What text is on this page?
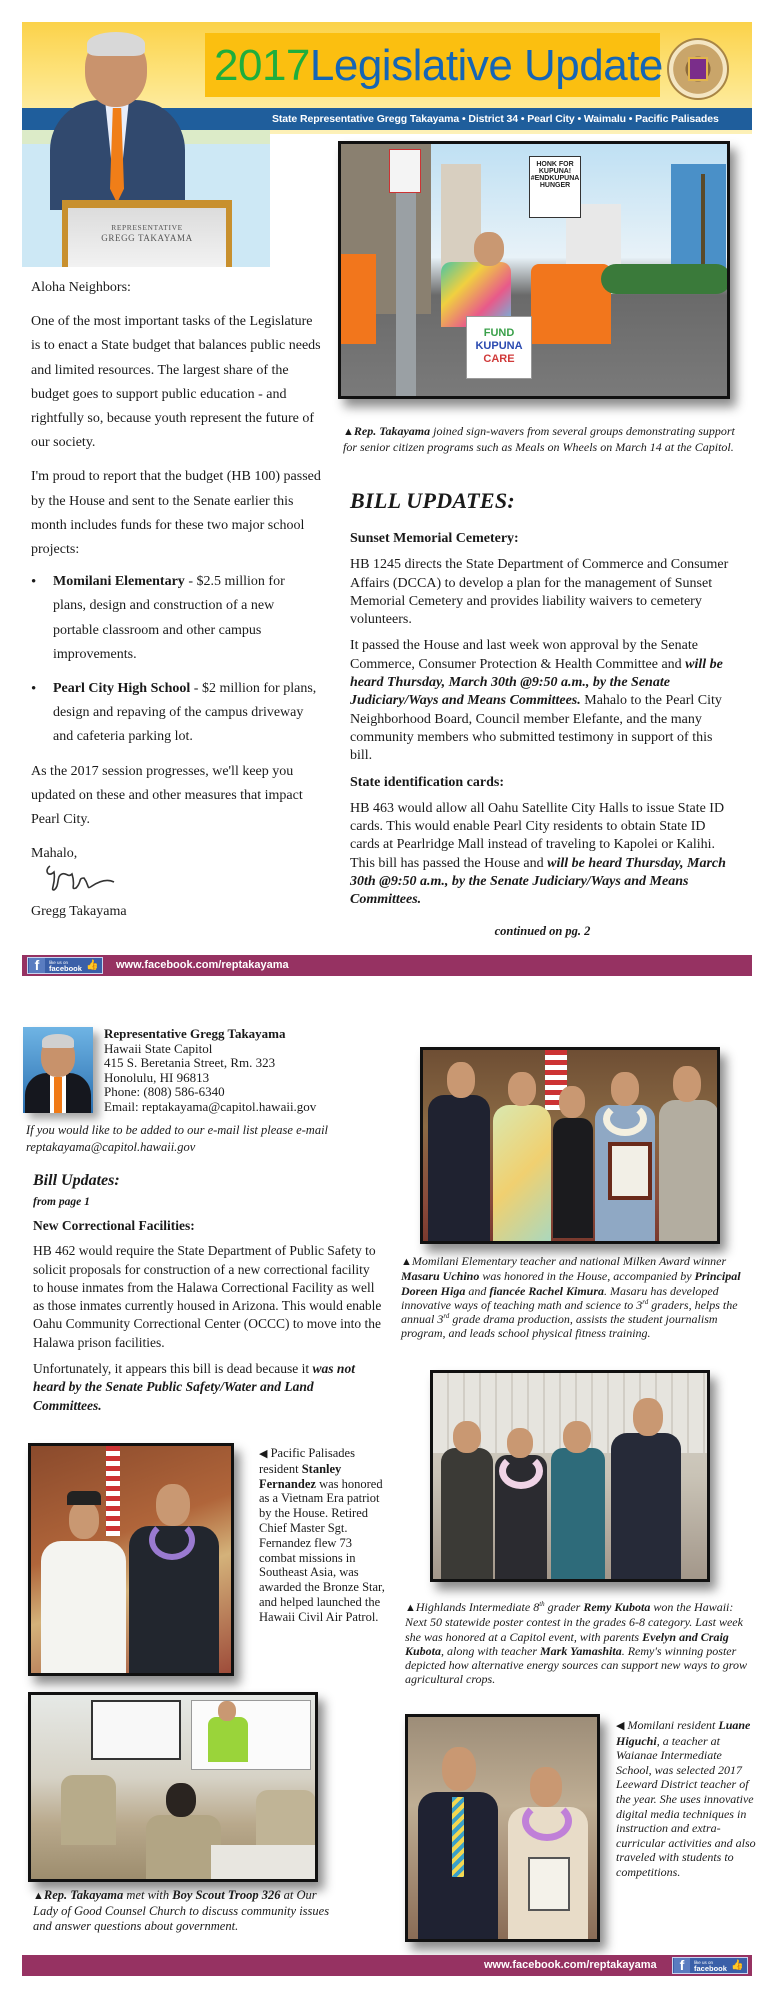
2017Legislative Update
State Representative Gregg Takayama • District 34 • Pearl City • Waimalu • Pacific Palisades
REPRESENTATIVE
GREGG TAKAYAMA

Aloha Neighbors:

One of the most important tasks of the Legislature is to enact a State budget that balances public needs and limited resources. The largest share of the budget goes to support public education - and rightfully so, because youth represent the future of our society.

I'm proud to report that the budget (HB 100) passed by the House and sent to the Senate earlier this month includes funds for these two major school projects:

• Momilani Elementary - $2.5 million for plans, design and construction of a new portable classroom and other campus improvements.
• Pearl City High School - $2 million for plans, design and repaving of the campus driveway and cafeteria parking lot.

As the 2017 session progresses, we'll keep you updated on these and other measures that impact Pearl City.

Mahalo,

Gregg Takayama
HONK FOR KUPUNA! #ENDKUPUNA HUNGER
FUND
KUPUNA
CARE
▲Rep. Takayama joined sign-wavers from several groups demonstrating support for senior citizen programs such as Meals on Wheels on March 14 at the Capitol.
BILL UPDATES:
Sunset Memorial Cemetery:

HB 1245 directs the State Department of Commerce and Consumer Affairs (DCCA) to develop a plan for the management of Sunset Memorial Cemetery and provides liability waivers to cemetery volunteers.

It passed the House and last week won approval by the Senate Commerce, Consumer Protection & Health Committee and will be heard Thursday, March 30th @9:50 a.m., by the Senate Judiciary/Ways and Means Committees. Mahalo to the Pearl City Neighborhood Board, Council member Elefante, and the many community members who submitted testimony in support of this bill.

State identification cards:

HB 463 would allow all Oahu Satellite City Halls to issue State ID cards. This would enable Pearl City residents to obtain State ID cards at Pearlridge Mall instead of traveling to Kapolei or Kalihi. This bill has passed the House and will be heard Thursday, March 30th @9:50 a.m., by the Senate Judiciary/Ways and Means Committees.

continued on pg. 2
f	like us on
facebook 👍 www.facebook.com/reptakayama
Representative Gregg Takayama
Hawaii State Capitol
415 S. Beretania Street, Rm. 323
Honolulu, HI 96813
Phone: (808) 586-6340
Email: reptakayama@capitol.hawaii.gov
If you would like to be added to our e-mail list please e-mail reptakayama@capitol.hawaii.gov
Bill Updates:
from page 1
New Correctional Facilities:

HB 462 would require the State Department of Public Safety to solicit proposals for construction of a new correctional facility to house inmates from the Halawa Correctional Facility as well as those inmates currently housed in Arizona. This would enable Oahu Community Correctional Center (OCCC) to move into the Halawa prison facilities.

Unfortunately, it appears this bill is dead because it was not heard by the Senate Public Safety/Water and Land Committees.

◀ Pacific Palisades resident Stanley Fernandez was honored as a Vietnam Era patriot by the House. Retired Chief Master Sgt. Fernandez flew 73 combat missions in Southeast Asia, was awarded the Bronze Star, and helped launched the Hawaii Civil Air Patrol.
▲Rep. Takayama met with Boy Scout Troop 326 at Our Lady of Good Counsel Church to discuss community issues and answer questions about government.
▲Momilani Elementary teacher and national Milken Award winner Masaru Uchino was honored in the House, accompanied by Principal Doreen Higa and fiancée Rachel Kimura. Masaru has developed innovative ways of teaching math and science to 3rd graders, helps the annual 3rd grade drama production, assists the student journalism program, and leads school physical fitness training.
▲Highlands Intermediate 8th grader Remy Kubota won the Hawaii: Next 50 statewide poster contest in the grades 6-8 category. Last week she was honored at a Capitol event, with parents Evelyn and Craig Kubota, along with teacher Mark Yamashita. Remy's winning poster depicted how alternative energy sources can support new ways to grow agricultural crops.
◀ Momilani resident Luane Higuchi, a teacher at Waianae Intermediate School, was selected 2017 Leeward District teacher of the year. She uses innovative digital media techniques in instruction and extra-curricular activities and also traveled with students to competitions.
www.facebook.com/reptakayama	f	like us on
facebook 👍
